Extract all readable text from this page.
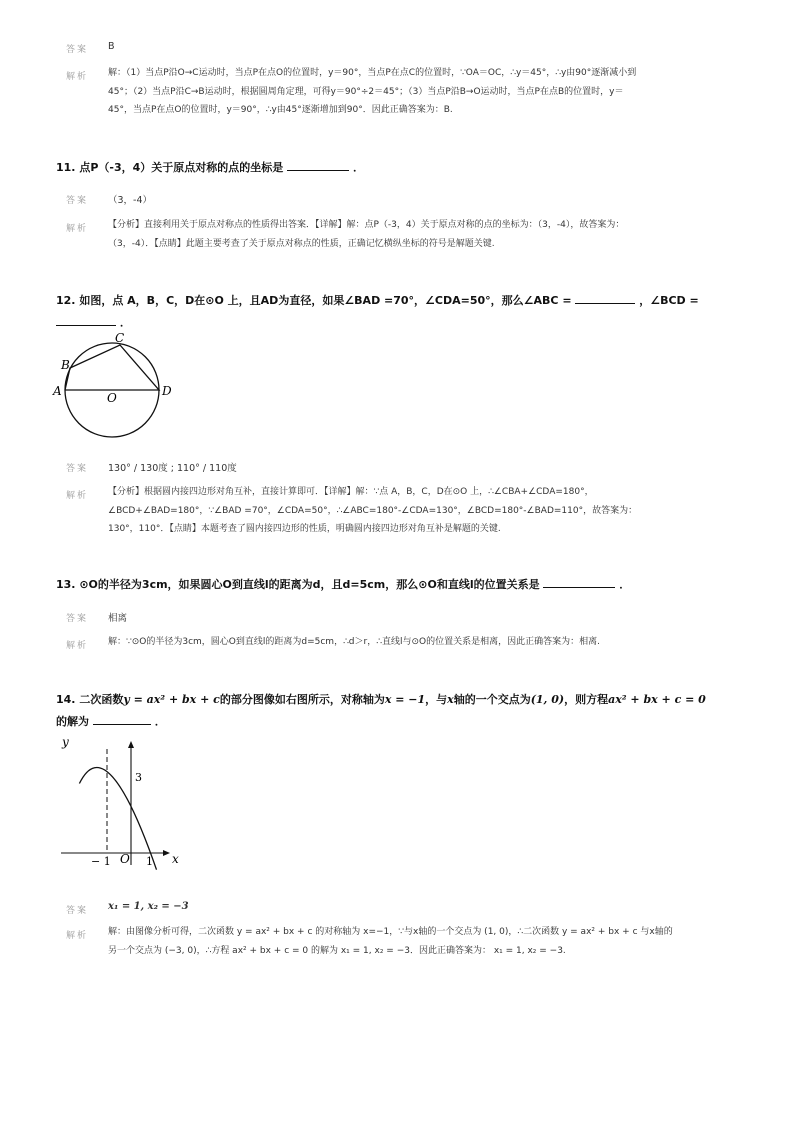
答案 B
解析 解：（1）当点P沿O→C运动时，当点P在点O的位置时，y＝90°，当点P在点C的位置时，∵OA＝OC，∴y＝45°，∴y由90°逐渐减小到
45°；（2）当点P沿C→B运动时，根据圆周角定理，可得y＝90°÷2＝45°；（3）当点P沿B→O运动时，当点P在点B的位置时，y＝
45°，当点P在点O的位置时，y＝90°，∴y由45°逐渐增加到90°．因此正确答案为：B.
11. 点P（-3，4）关于原点对称的点的坐标是	．
答案 （3，-4）
解析 【分析】直接利用关于原点对称点的性质得出答案．【详解】解：点P（-3，4）关于原点对称的点的坐标为：（3，-4），故答案为：
（3，-4）．【点睛】此题主要考查了关于原点对称点的性质，正确记忆横纵坐标的符号是解题关键.
12. 如图，点 A，B，C，D在⊙O 上，且AD为直径，如果∠BAD =70°，∠CDA=50°，那么∠ABC =	，∠BCD =
．
A
B
C
D
O
答案 130° / 130度 ; 110° / 110度
解析 【分析】根据圆内接四边形对角互补，直接计算即可．【详解】解：∵点 A，B，C，D在⊙O 上，∴∠CBA+∠CDA=180°，
∠BCD+∠BAD=180°，∵∠BAD =70°，∠CDA=50°，∴∠ABC=180°-∠CDA=130°，∠BCD=180°-∠BAD=110°，故答案为：
130°，110°．【点睛】本题考查了圆内接四边形的性质，明确圆内接四边形对角互补是解题的关键.
13. ⊙O的半径为3cm，如果圆心O到直线l的距离为d，且d=5cm，那么⊙O和直线l的位置关系是	．
答案 相离
解析 解：∵⊙O的半径为3cm，圆心O到直线l的距离为d=5cm，∴d＞r，∴直线l与⊙O的位置关系是相离，因此正确答案为：相离.
14. 二次函数y = ax² + bx + c的部分图像如右图所示，对称轴为x = −1，与x轴的一个交点为(1, 0)，则方程ax² + bx + c = 0
的解为	．
y
x
3
− 1 O 1
答案 x₁ = 1, x₂ = −3
解析 解：由图像分析可得，二次函数 y = ax² + bx + c 的对称轴为 x=−1，∵与x轴的一个交点为 (1, 0)，∴二次函数 y = ax² + bx + c 与x轴的
另一个交点为 (−3, 0)，∴方程 ax² + bx + c = 0 的解为 x₁ = 1, x₂ = −3．因此正确答案为： x₁ = 1, x₂ = −3.
